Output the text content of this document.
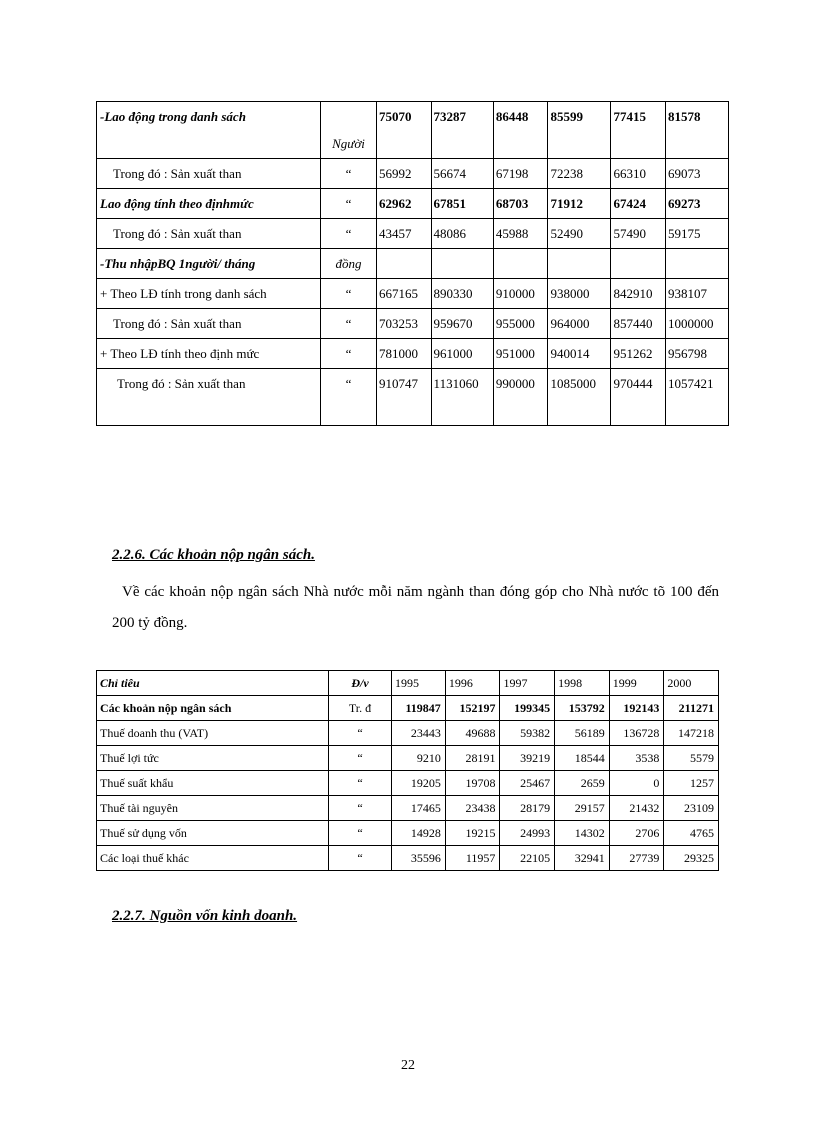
-Lao động trong danh sách	Người	75070	73287	86448	85599	77415	81578
Trong đó : Sản xuất than	“	56992	56674	67198	72238	66310	69073
Lao động tính theo địnhmức	“	62962	67851	68703	71912	67424	69273
Trong đó : Sản xuất than	“	43457	48086	45988	52490	57490	59175
-Thu nhậpBQ 1người/ tháng	đồng						
+ Theo LĐ tính trong danh sách	“	667165	890330	910000	938000	842910	938107
Trong đó : Sản xuất than	“	703253	959670	955000	964000	857440	1000000
+ Theo LĐ tính theo định mức	“	781000	961000	951000	940014	951262	956798
Trong đó : Sản xuất than	“	910747	1131060	990000	1085000	970444	1057421
2.2.6. Các khoản nộp ngân sách.
Về các khoản nộp ngân sách Nhà nước mỗi năm ngành than đóng góp cho Nhà nước tõ 100 đến 200 tỷ đồng.
Chỉ tiêu	Đ/v	1995	1996	1997	1998	1999	2000
Các khoản nộp ngân sách	Tr. đ	119847	152197	199345	153792	192143	211271
Thuế doanh thu (VAT)	“	23443	49688	59382	56189	136728	147218
Thuế lợi tức	“	9210	28191	39219	18544	3538	5579
Thuế suất khẩu	“	19205	19708	25467	2659	0	1257
Thuế tài nguyên	“	17465	23438	28179	29157	21432	23109
Thuế sử dụng vốn	“	14928	19215	24993	14302	2706	4765
Các loại thuế khác	“	35596	11957	22105	32941	27739	29325
2.2.7. Nguồn vốn kinh doanh.
22
